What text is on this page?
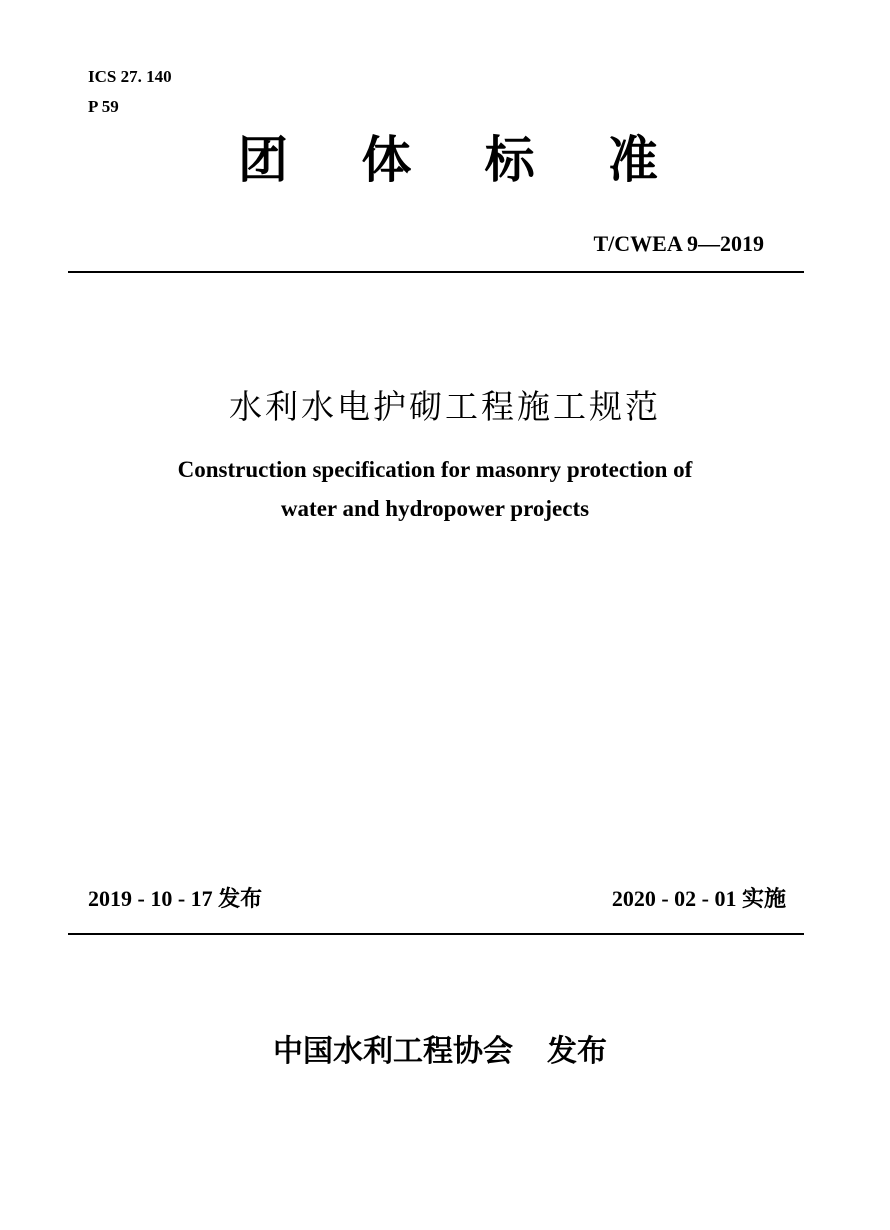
ICS 27. 140
P 59
团 体 标 准
T/CWEA 9—2019
水利水电护砌工程施工规范
Construction specification for masonry protection of
water and hydropower projects
2019 - 10 - 17 发布	2020 - 02 - 01 实施
中国水利工程协会 发布
